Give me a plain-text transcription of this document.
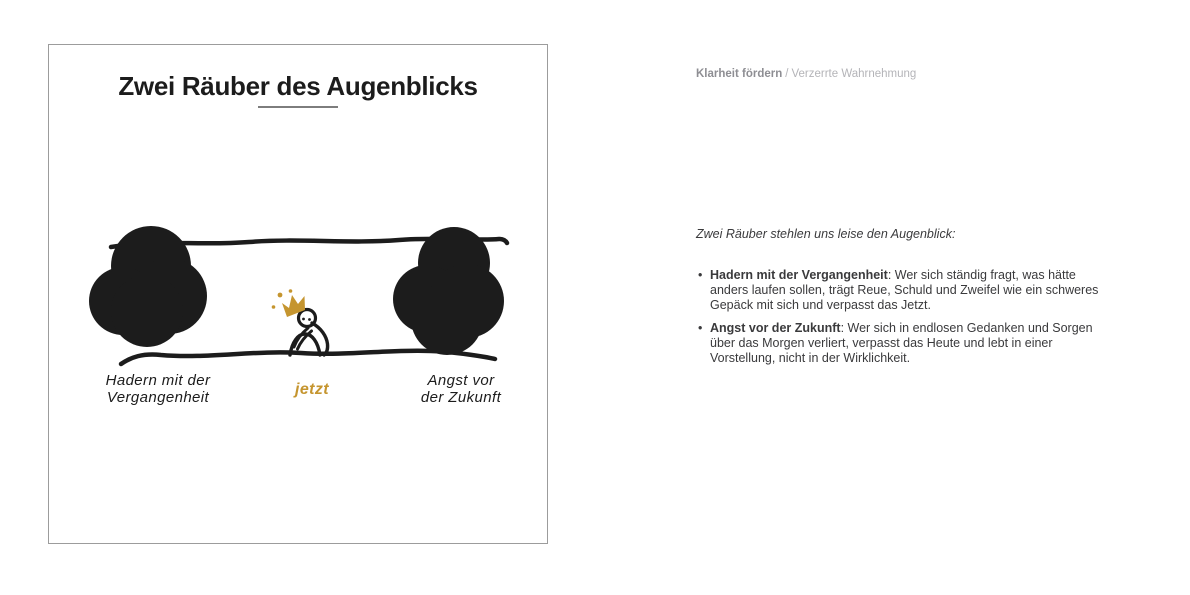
Zwei Räuber des Augenblicks
Hadern mit der
Vergangenheit	jetzt
Angst vor
der Zukunft
Klarheit fördern / Verzerrte Wahrnehmung

Zwei Räuber stehlen uns leise den Augenblick:

• Hadern mit der Vergangenheit: Wer sich ständig fragt, was hätte anders laufen sollen, trägt Reue, Schuld und Zweifel wie ein schweres Gepäck mit sich und verpasst das Jetzt.
• Angst vor der Zukunft: Wer sich in endlosen Gedanken und Sorgen über das Morgen verliert, verpasst das Heute und lebt in einer Vorstellung, nicht in der Wirklichkeit.
